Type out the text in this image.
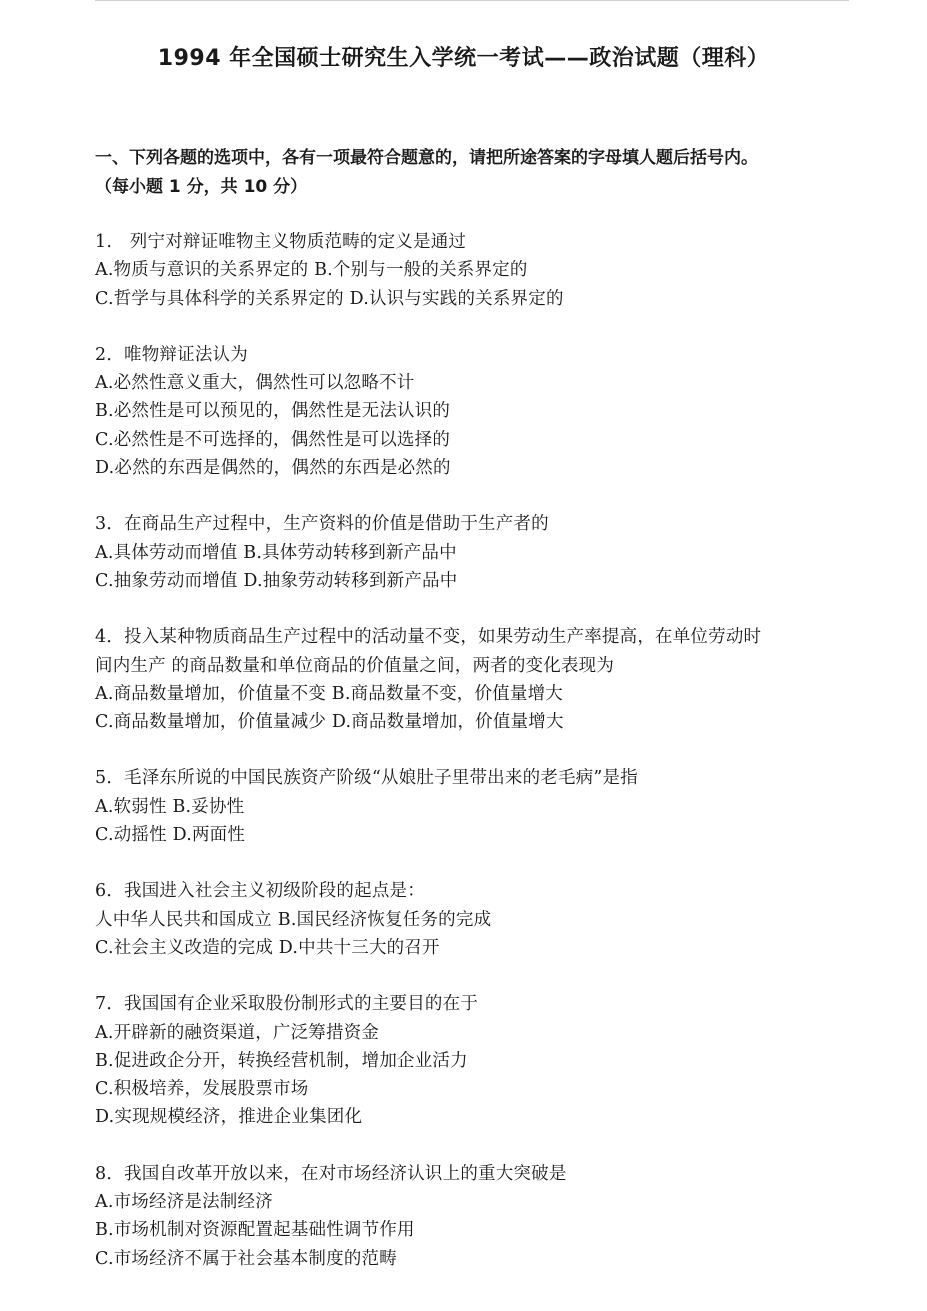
1994 年全国硕士研究生入学统一考试——政治试题（理科）
一、下列各题的选项中，各有一项最符合题意的，请把所途答案的字母填人题后括号内。
（每小题 1 分，共 10 分）
1.　列宁对辩证唯物主义物质范畴的定义是通过
A.物质与意识的关系界定的 B.个别与一般的关系界定的
C.哲学与具体科学的关系界定的 D.认识与实践的关系界定的
2．唯物辩证法认为
A.必然性意义重大，偶然性可以忽略不计
B.必然性是可以预见的，偶然性是无法认识的
C.必然性是不可选择的，偶然性是可以选择的
D.必然的东西是偶然的，偶然的东西是必然的
3．在商品生产过程中，生产资料的价值是借助于生产者的
A.具体劳动而增值 B.具体劳动转移到新产品中
C.抽象劳动而增值 D.抽象劳动转移到新产品中
4．投入某种物质商品生产过程中的活动量不变，如果劳动生产率提高，在单位劳动时
间内生产 的商品数量和单位商品的价值量之间，两者的变化表现为
A.商品数量增加，价值量不变 B.商品数量不变，价值量增大
C.商品数量增加，价值量减少 D.商品数量增加，价值量增大
5．毛泽东所说的中国民族资产阶级“从娘肚子里带出来的老毛病”是指
A.软弱性 B.妥协性
C.动摇性 D.两面性
6．我国进入社会主义初级阶段的起点是：
人中华人民共和国成立 B.国民经济恢复任务的完成
C.社会主义改造的完成 D.中共十三大的召开
7．我国国有企业采取股份制形式的主要目的在于
A.开辟新的融资渠道，广泛筹措资金
B.促进政企分开，转换经营机制，增加企业活力
C.积极培养，发展股票市场
D.实现规模经济，推进企业集团化
8．我国自改革开放以来，在对市场经济认识上的重大突破是
A.市场经济是法制经济
B.市场机制对资源配置起基础性调节作用
C.市场经济不属于社会基本制度的范畴
